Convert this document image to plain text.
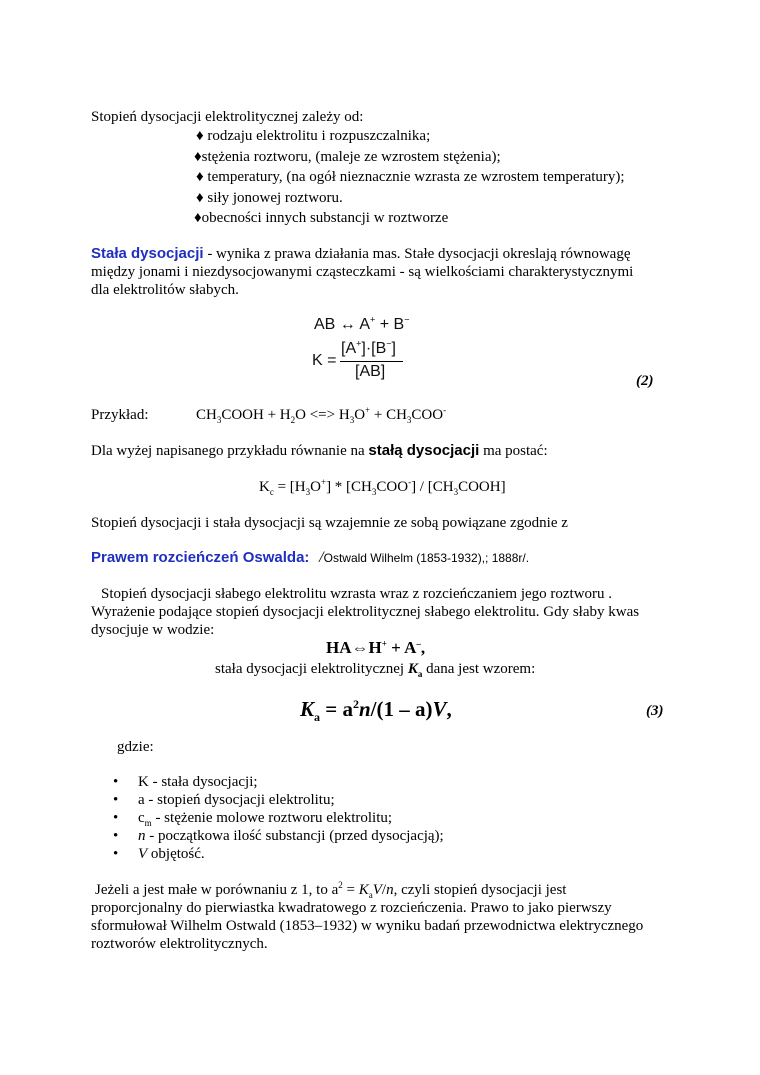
Stopień dysocjacji elektrolitycznej zależy od:
♦ rodzaju elektrolitu i rozpuszczalnika;
♦stężenia roztworu, (maleje ze wzrostem stężenia);
♦ temperatury, (na ogół nieznacznie wzrasta ze wzrostem temperatury);
♦ siły jonowej roztworu.
♦obecności innych substancji w roztworze
Stała dysocjacji - wynika z prawa działania mas. Stałe dysocjacji okreslają równowagę
między jonami i niezdysocjowanymi cząsteczkami - są wielkościami charakterystycznymi
dla elektrolitów słabych.
AB ↔ A+ + B−
K =
[A+]·[B−]
[AB]
(2)
Przykład:	$CH_3COOH + H_2O$ <=> $H_3O^+ + CH_3COO^-$
Dla wyżej napisanego przykładu równanie na stałą dysocjacji ma postać:
$K_c = [H_3O^+] * [CH_3COO^-]$ / $[CH_3COOH]$
Stopień dysocjacji i stała dysocjacji są wzajemnie ze sobą powiązane zgodnie z
Prawem rozcieńczeń Oswalda: /Ostwald Wilhelm (1853-1932),; 1888r/.
Stopień dysocjacji słabego elektrolitu wzrasta wraz z rozcieńczaniem jego roztworu .
Wyrażenie podające stopień dysocjacji elektrolitycznej słabego elektrolitu. Gdy słaby kwas
dysocjuje w wodzie:
HA⇔H+ + A–,
stała dysocjacji elektrolitycznej $K_a$ dana jest wzorem:
$K_a = a^2n/(1 - a)V$,	(3)
gdzie:
• K - stała dysocjacji;
• a - stopień dysocjacji elektrolitu;
• $c_m$ - stężenie molowe roztworu elektrolitu;
• n - początkowa ilość substancji (przed dysocjacją);
• V objętość.
Jeżeli a jest małe w porównaniu z 1, to $a^2 = K_aV/n$, czyli stopień dysocjacji jest
proporcjonalny do pierwiastka kwadratowego z rozcieńczenia. Prawo to jako pierwszy
sformułował Wilhelm Ostwald (1853–1932) w wyniku badań przewodnictwa elektrycznego
roztworów elektrolitycznych.
